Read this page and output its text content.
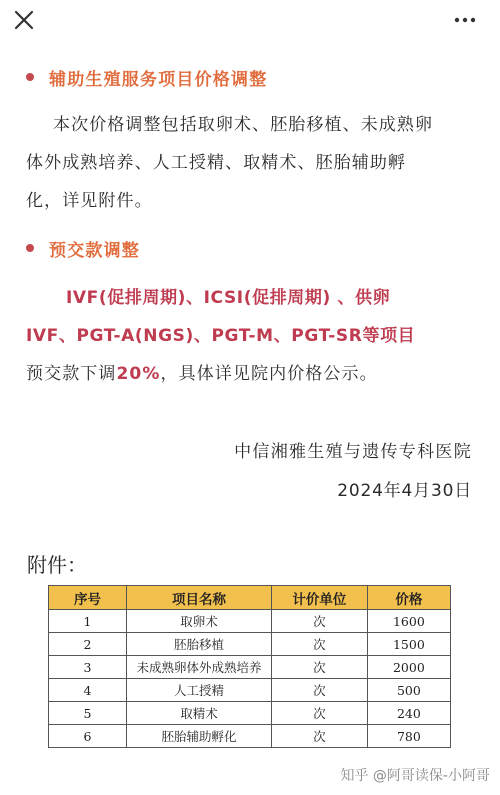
辅助生殖服务项目价格调整
本次价格调整包括取卵术、胚胎移植、未成熟卵
体外成熟培养、人工授精、取精术、胚胎辅助孵
化，详见附件。
预交款调整
IVF(促排周期)、ICSI(促排周期) 、供卵
IVF、PGT-A(NGS)、PGT-M、PGT-SR等项目
预交款下调20%，具体详见院内价格公示。
中信湘雅生殖与遗传专科医院
2024年4月30日
附件：
序号	项目名称	计价单位	价格
1	取卵术	次	1600
2	胚胎移植	次	1500
3	未成熟卵体外成熟培养	次	2000
4	人工授精	次	500
5	取精术	次	240
6	胚胎辅助孵化	次	780
知乎 @阿哥读保-小阿哥
